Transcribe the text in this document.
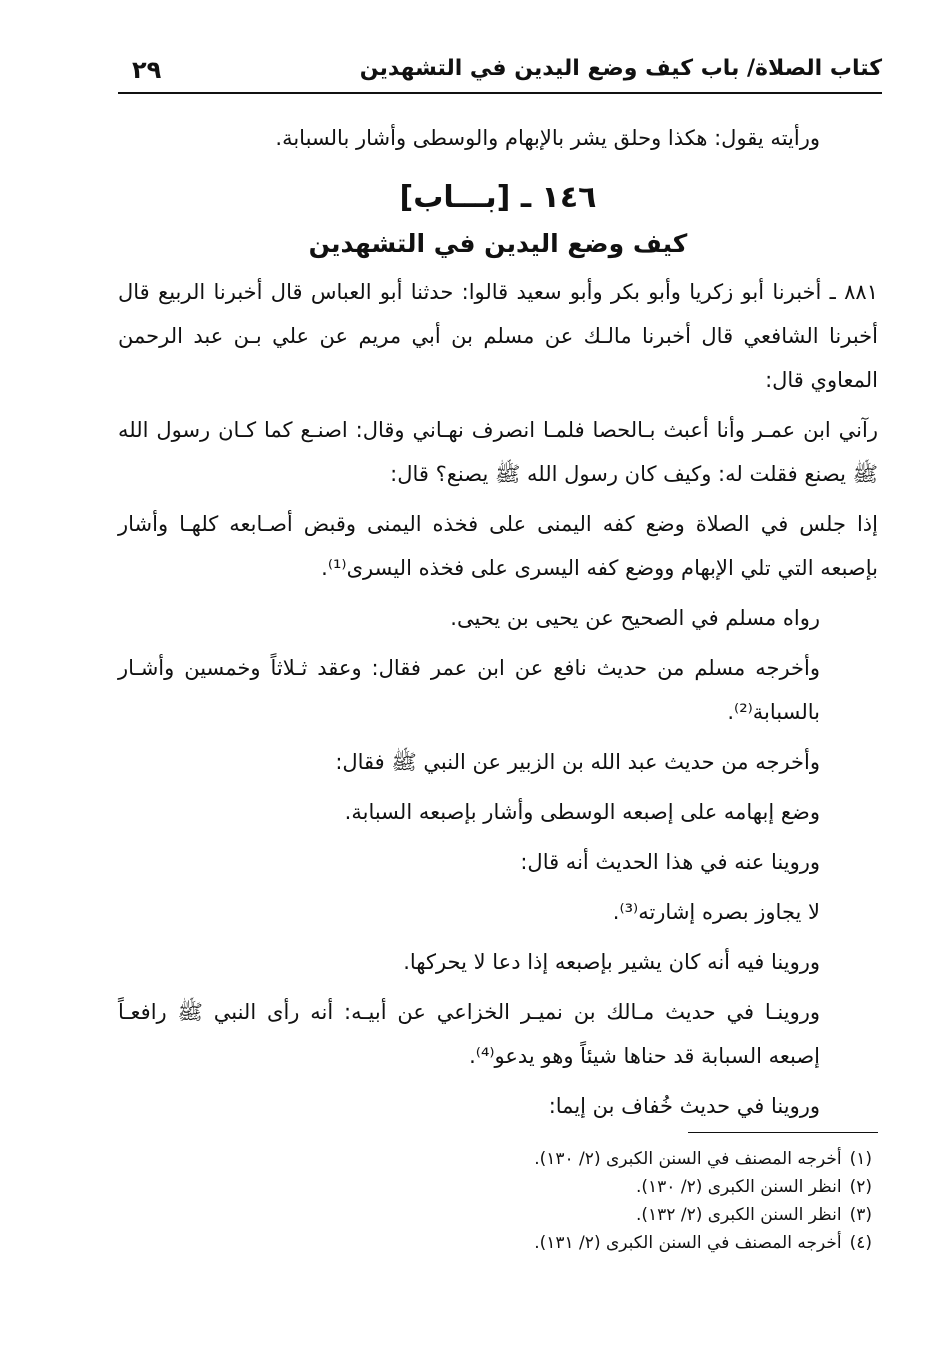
كتاب الصلاة/ باب كيف وضع اليدين في التشهدين
٢٩

ورأيته يقول: هكذا وحلق يشر بالإبهام والوسطى وأشار بالسبابة.

١٤٦ ـ [بـــاب]
كيف وضع اليدين في التشهدين

٨٨١ ـ أخبرنا أبو زكريا وأبو بكر وأبو سعيد قالوا: حدثنا أبو العباس قال أخبرنا الربيع قال أخبرنا الشافعي قال أخبرنا مالـك عن مسلم بن أبي مريم عن علي بـن عبد الرحمن المعاوي قال:

رآني ابن عمـر وأنا أعبث بـالحصا فلمـا انصرف نهـاني وقال: اصنـع كما كـان رسول الله ﷺ يصنع فقلت له: وكيف كان رسول الله ﷺ يصنع؟ قال:

إذا جلس في الصلاة وضع كفه اليمنى على فخذه اليمنى وقبض أصـابعه كلهـا وأشار بإصبعه التي تلي الإبهام ووضع كفه اليسرى على فخذه اليسرى⁽¹⁾.

رواه مسلم في الصحيح عن يحيى بن يحيى.

وأخرجه مسلم من حديث نافع عن ابن عمر فقال: وعقد ثـلاثاً وخمسين وأشـار بالسبابة⁽²⁾.

وأخرجه من حديث عبد الله بن الزبير عن النبي ﷺ فقال:

وضع إبهامه على إصبعه الوسطى وأشار بإصبعه السبابة.

وروينا عنه في هذا الحديث أنه قال:

لا يجاوز بصره إشارته⁽³⁾.

وروينا فيه أنه كان يشير بإصبعه إذا دعا لا يحركها.

وروينـا في حديث مـالك بن نميـر الخزاعي عن أبيـه: أنه رأى النبي ﷺ رافعـاً إصبعه السبابة قد حناها شيئاً وهو يدعو⁽⁴⁾.

وروينا في حديث خُفاف بن إيما:

(١)أخرجه المصنف في السنن الكبرى (٢/ ١٣٠).

(٢)انظر السنن الكبرى (٢/ ١٣٠).

(٣)انظر السنن الكبرى (٢/ ١٣٢).

(٤)أخرجه المصنف في السنن الكبرى (٢/ ١٣١).
